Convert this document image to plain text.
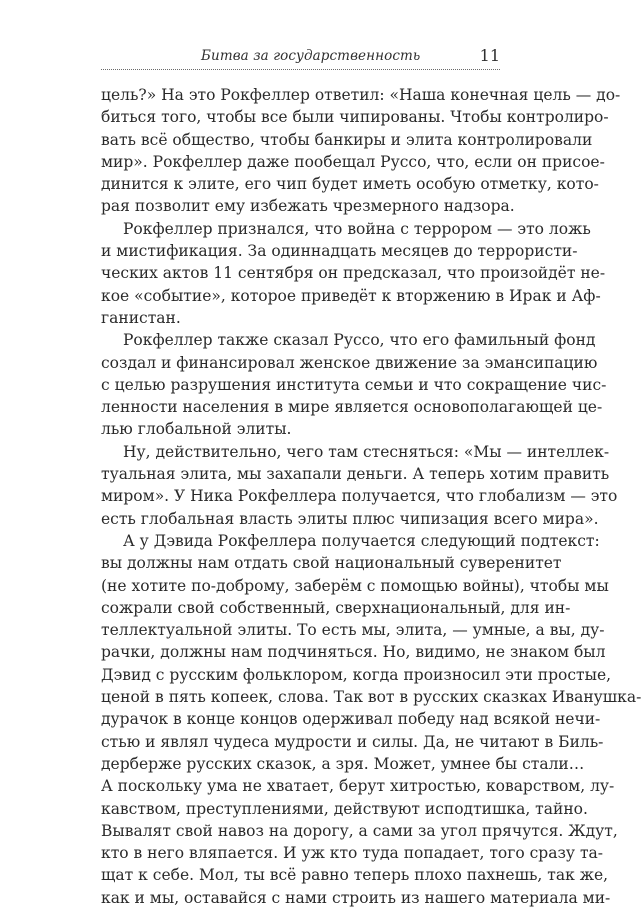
Битва за государственность	11
цель?» На это Рокфеллер ответил: «Наша конечная цель — до-
биться того, чтобы все были чипированы. Чтобы контролиро-
вать всё общество, чтобы банкиры и элита контролировали
мир». Рокфеллер даже пообещал Руссо, что, если он присое-
динится к элите, его чип будет иметь особую отметку, кото-
рая позволит ему избежать чрезмерного надзора.
Рокфеллер признался, что война с террором — это ложь
и мистификация. За одиннадцать месяцев до террористи-
ческих актов 11 сентября он предсказал, что произойдёт не-
кое «событие», которое приведёт к вторжению в Ирак и Аф-
ганистан.
Рокфеллер также сказал Руссо, что его фамильный фонд
создал и финансировал женское движение за эмансипацию
с целью разрушения института семьи и что сокращение чис-
ленности населения в мире является основополагающей це-
лью глобальной элиты.
Ну, действительно, чего там стесняться: «Мы — интеллек-
туальная элита, мы захапали деньги. А теперь хотим править
миром». У Ника Рокфеллера получается, что глобализм — это
есть глобальная власть элиты плюс чипизация всего мира».
А у Дэвида Рокфеллера получается следующий подтекст:
вы должны нам отдать свой национальный суверенитет
(не хотите по-доброму, заберём с помощью войны), чтобы мы
сожрали свой собственный, сверхнациональный, для ин-
теллектуальной элиты. То есть мы, элита, — умные, а вы, ду-
рачки, должны нам подчиняться. Но, видимо, не знаком был
Дэвид с русским фольклором, когда произносил эти простые,
ценой в пять копеек, слова. Так вот в русских сказках Иванушка-
дурачок в конце концов одерживал победу над всякой нечи-
стью и являл чудеса мудрости и силы. Да, не читают в Биль-
дерберже русских сказок, а зря. Может, умнее бы стали…
А поскольку ума не хватает, берут хитростью, коварством, лу-
кавством, преступлениями, действуют исподтишка, тайно.
Вывалят свой навоз на дорогу, а сами за угол прячутся. Ждут,
кто в него вляпается. И уж кто туда попадает, того сразу та-
щат к себе. Мол, ты всё равно теперь плохо пахнешь, так же,
как и мы, оставайся с нами строить из нашего материала ми-
